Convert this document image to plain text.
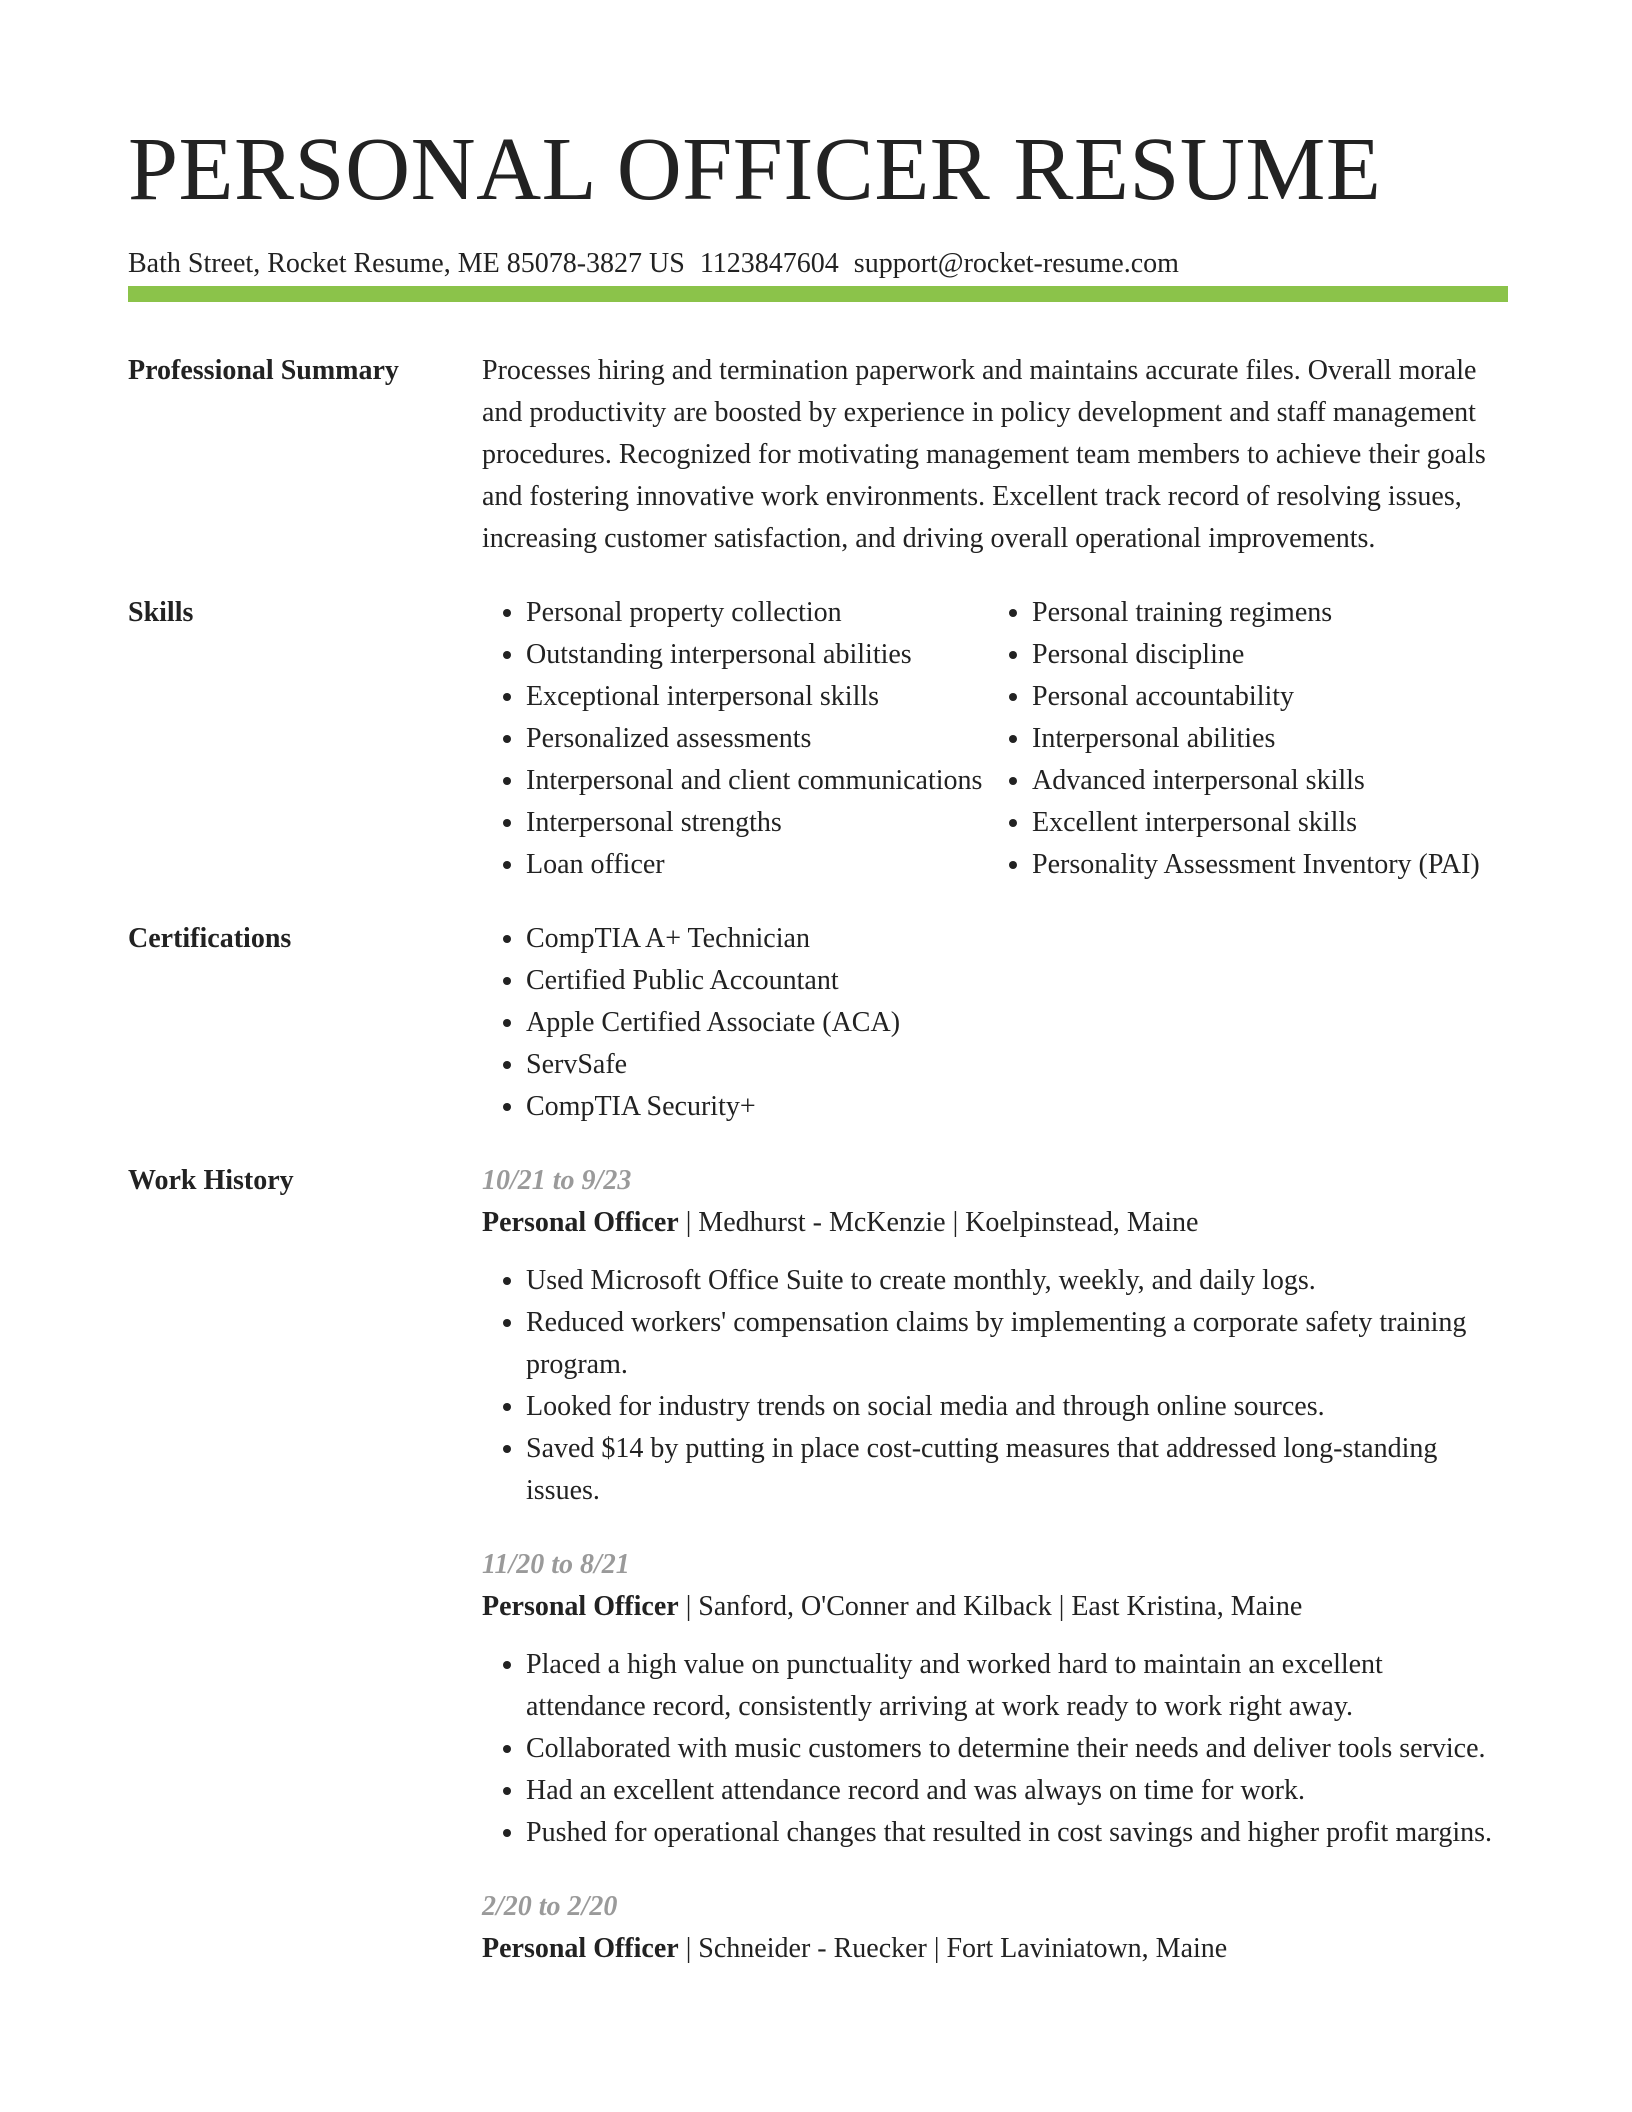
PERSONAL OFFICER RESUME
Bath Street, Rocket Resume, ME 85078-3827 US 1123847604 support@rocket-resume.com
Professional Summary	Processes hiring and termination paperwork and maintains accurate files. Overall morale and productivity are boosted by experience in policy development and staff management procedures. Recognized for motivating management team members to achieve their goals and fostering innovative work environments. Excellent track record of resolving issues, increasing customer satisfaction, and driving overall operational improvements.

Skills	• Personal property collection
• Outstanding interpersonal abilities
• Exceptional interpersonal skills
• Personalized assessments
• Interpersonal and client communications
• Interpersonal strengths
• Loan officer
• Personal training regimens
• Personal discipline
• Personal accountability
• Interpersonal abilities
• Advanced interpersonal skills
• Excellent interpersonal skills
• Personality Assessment Inventory (PAI)
Certifications	• CompTIA A+ Technician
• Certified Public Accountant
• Apple Certified Associate (ACA)
• ServSafe
• CompTIA Security+
Work History	10/21 to 9/23
Personal Officer | Medhurst - McKenzie | Koelpinstead, Maine
• Used Microsoft Office Suite to create monthly, weekly, and daily logs.
• Reduced workers' compensation claims by implementing a corporate safety training program.
• Looked for industry trends on social media and through online sources.
• Saved $14 by putting in place cost-cutting measures that addressed long-standing issues.
11/20 to 8/21
Personal Officer | Sanford, O'Conner and Kilback | East Kristina, Maine
• Placed a high value on punctuality and worked hard to maintain an excellent attendance record, consistently arriving at work ready to work right away.
• Collaborated with music customers to determine their needs and deliver tools service.
• Had an excellent attendance record and was always on time for work.
• Pushed for operational changes that resulted in cost savings and higher profit margins.
2/20 to 2/20
Personal Officer | Schneider - Ruecker | Fort Laviniatown, Maine
